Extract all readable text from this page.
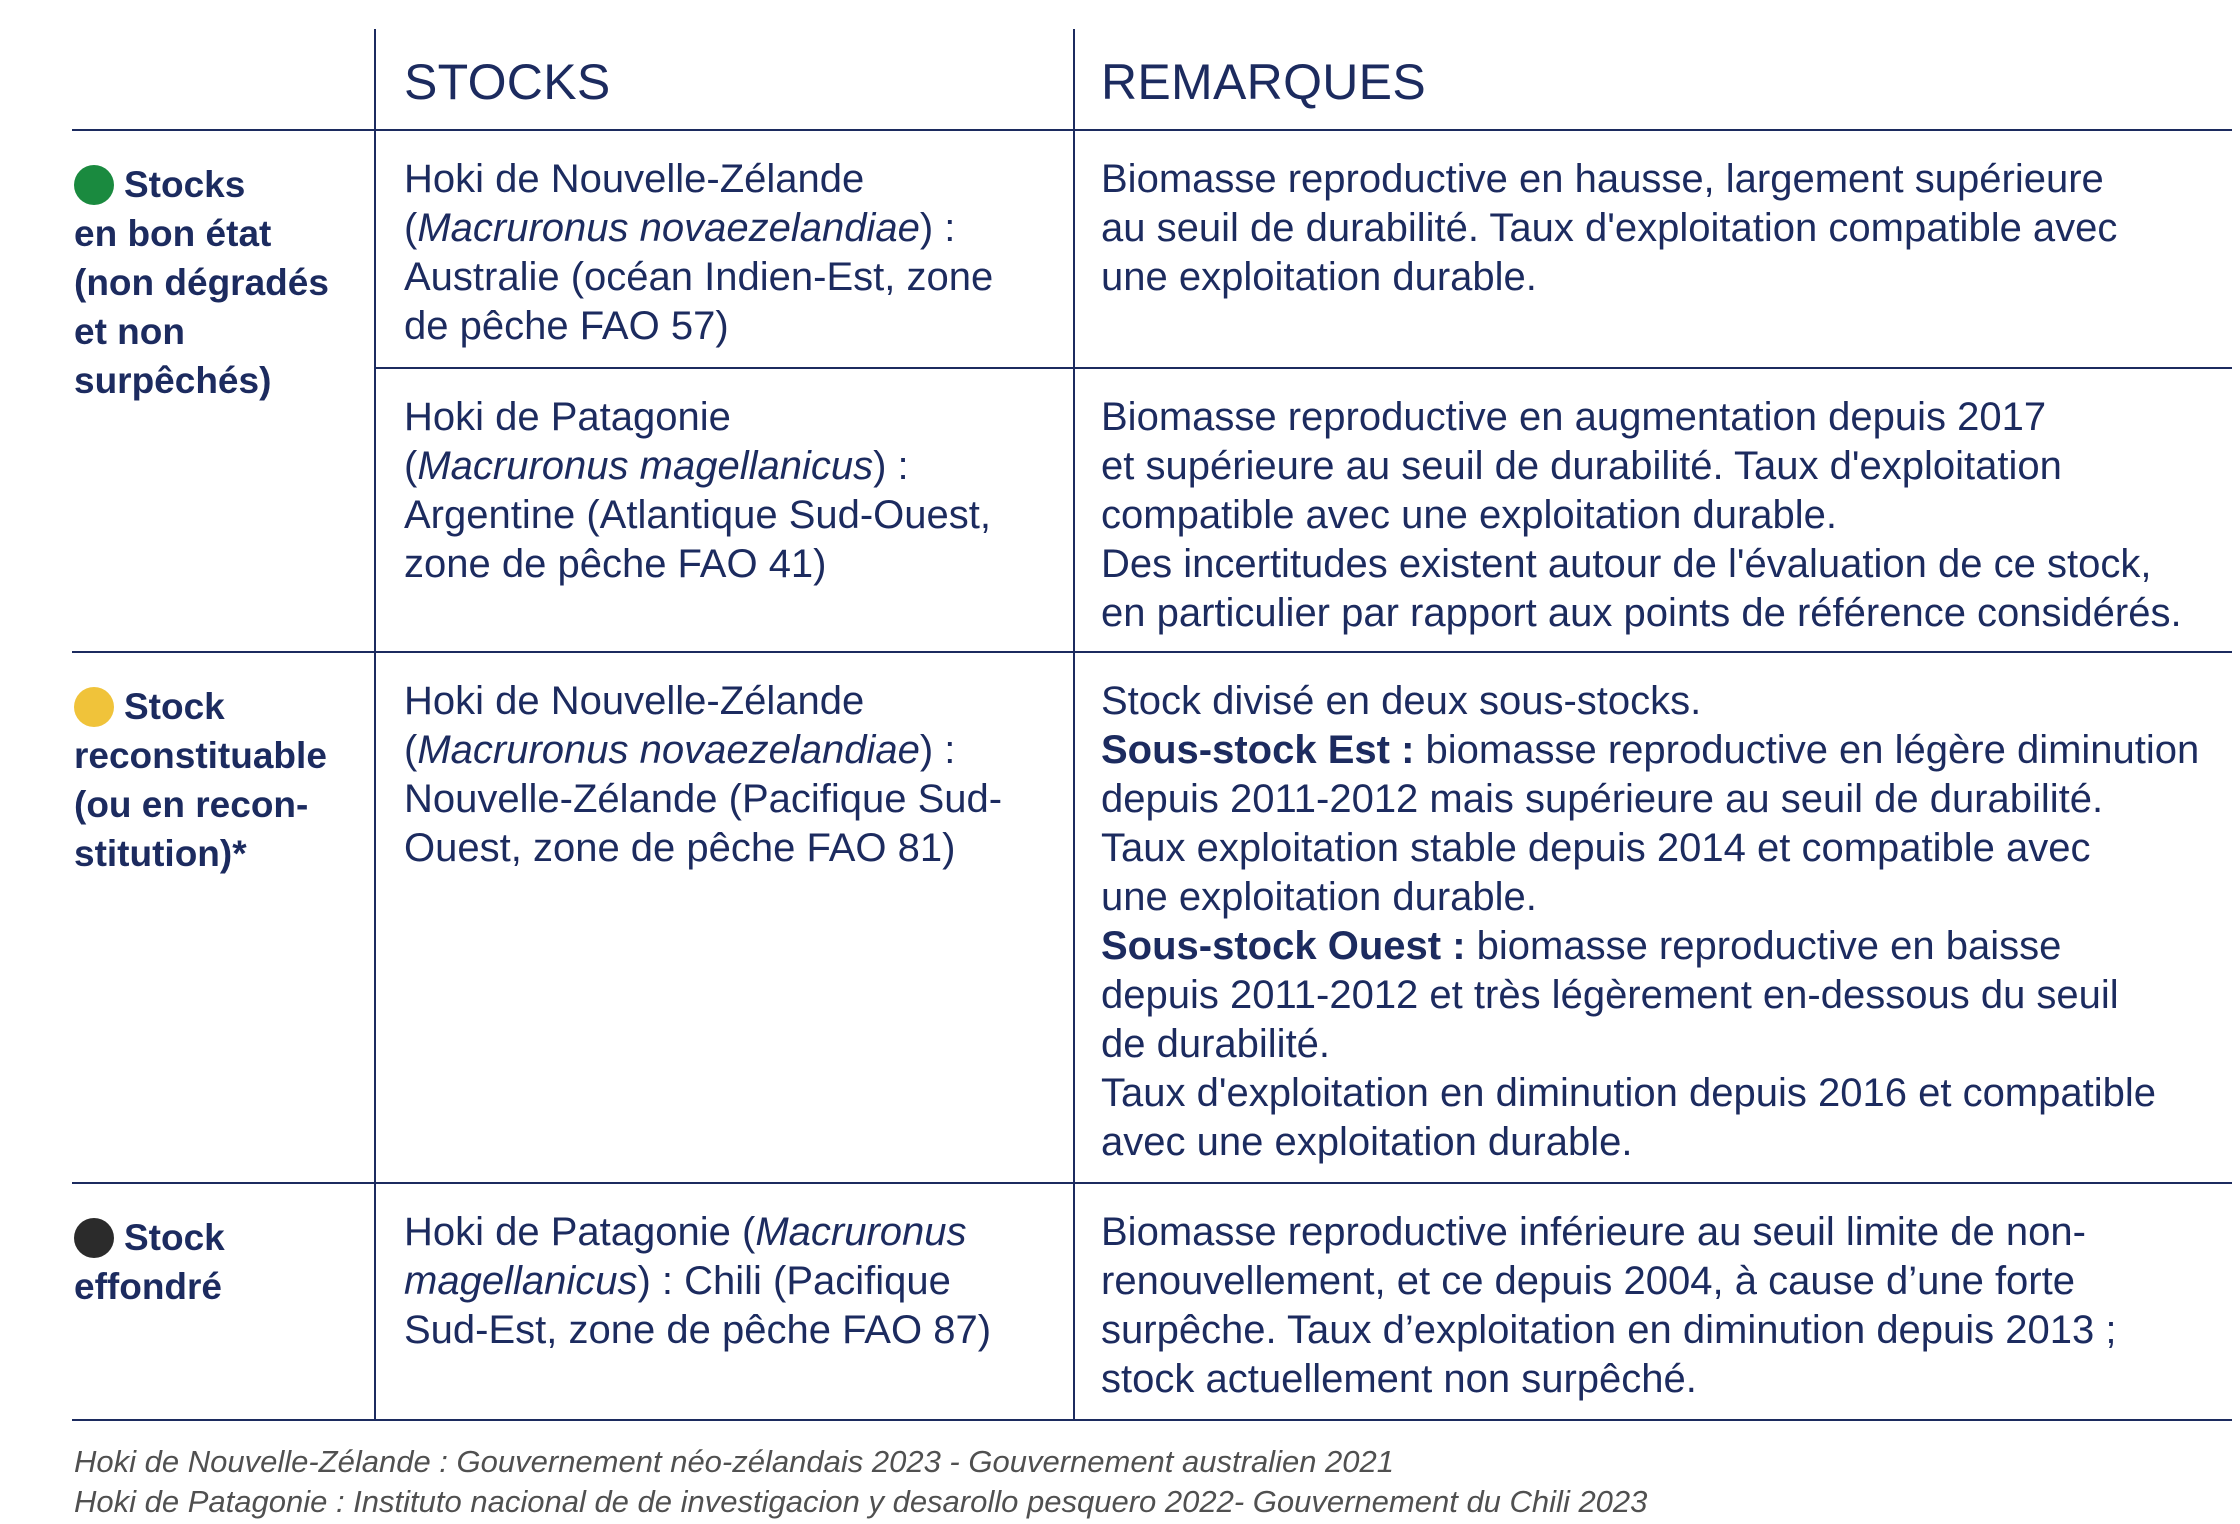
STOCKS	REMARQUES
Stocks
en bon état
(non dégradés
et non
surpêchés)
Hoki de Nouvelle-Zélande
(Macruronus novaezelandiae) :
Australie (océan Indien-Est, zone
de pêche FAO 57)
Biomasse reproductive en hausse, largement supérieure
au seuil de durabilité. Taux d'exploitation compatible avec
une exploitation durable.
Hoki de Patagonie
(Macruronus magellanicus) :
Argentine (Atlantique Sud-Ouest,
zone de pêche FAO 41)
Biomasse reproductive en augmentation depuis 2017
et supérieure au seuil de durabilité. Taux d'exploitation
compatible avec une exploitation durable.
Des incertitudes existent autour de l'évaluation de ce stock,
en particulier par rapport aux points de référence considérés.
Stock
reconstituable
(ou en recon-
stitution)*
Hoki de Nouvelle-Zélande
(Macruronus novaezelandiae) :
Nouvelle-Zélande (Pacifique Sud-
Ouest, zone de pêche FAO 81)
Stock divisé en deux sous-stocks.
Sous-stock Est : biomasse reproductive en légère diminution
depuis 2011-2012 mais supérieure au seuil de durabilité.
Taux exploitation stable depuis 2014 et compatible avec
une exploitation durable.
Sous-stock Ouest : biomasse reproductive en baisse
depuis 2011-2012 et très légèrement en-dessous du seuil
de durabilité.
Taux d'exploitation en diminution depuis 2016 et compatible
avec une exploitation durable.
Stock
effondré
Hoki de Patagonie (Macruronus
magellanicus) : Chili (Pacifique
Sud-Est, zone de pêche FAO 87)
Biomasse reproductive inférieure au seuil limite de non-
renouvellement, et ce depuis 2004, à cause d’une forte
surpêche. Taux d’exploitation en diminution depuis 2013 ;
stock actuellement non surpêché.
Hoki de Nouvelle-Zélande : Gouvernement néo-zélandais 2023 - Gouvernement australien 2021
Hoki de Patagonie : Instituto nacional de de investigacion y desarollo pesquero 2022- Gouvernement du Chili 2023
